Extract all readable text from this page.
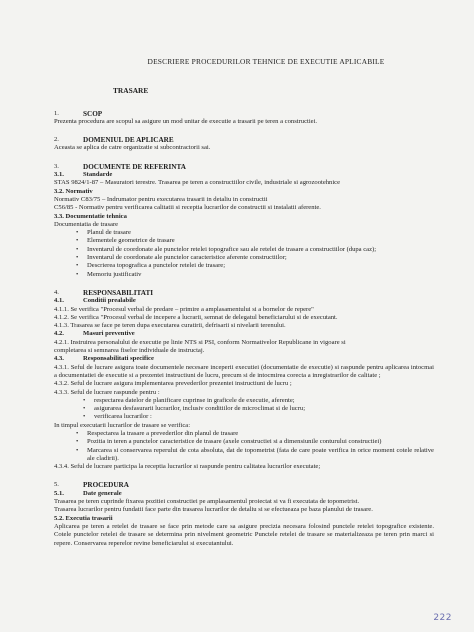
DESCRIERE PROCEDURILOR TEHNICE DE EXECUTIE APLICABILE
TRASARE
1.	SCOP

Prezenta procedura are scopul sa asigure un mod unitar de executie a trasarii pe teren a constructiei.

2.	DOMENIUL DE APLICARE

Aceasta se aplica de catre organizatie si subcontractorii sai.

3.	DOCUMENTE DE REFERINTA
3.1.	Standarde

STAS 9824/1-87 – Masuratori terestre. Trasarea pe teren a constructiilor civile, industriale si agrozootehnice

3.2. Normativ

Normativ C83/75 – Indrumator pentru executarea trasarii in detaliu in constructii

C56/85 - Normativ pentru verificarea calitatii si receptia lucrarilor de constructii si instalatii aferente.

3.3. Documentatie tehnica

Documentatia de trasare

• Planul de trasare
• Elementele geometrice de trasare
• Inventarul de coordonate ale punctelor retelei topografice sau ale retelei de trasare a constructiilor (dupa caz);
• Inventarul de coordonate ale punctelor caracteristice aferente constructiilor;
• Descrierea topografica a punctelor retelei de trasare;
• Memoriu justificativ
4.	RESPONSABILITATI
4.1.	Conditii prealabile

4.1.1. Se verifica "Procesul verbal de predare – primire a amplasamentului si a bornelor de repere"

4.1.2. Se verifica "Procesul verbal de incepere a lucrarii, semnat de delegatul beneficiarului si de executant.

4.1.3. Trasarea se face pe teren dupa executarea curatirii, defrisarii si nivelarii terenului.

4.2.	Masuri preventive

4.2.1. Instruirea personalului de executie pe linie NTS si PSI, conform Normativelor Republicane in vigoare si

completarea si semnarea fiselor individuale de instructaj.

4.3.	Responsabilitati specifice

4.3.1. Seful de lucrare asigura toate documentele necesare inceperii executiei (documentatie de executie) si raspunde pentru aplicarea intocmai a documentatiei de executie si a prezentei instructiuni de lucru, precum si de intocmirea corecta a inregistrarilor de calitate ;

4.3.2. Seful de lucrare asigura implementarea prevederilor prezentei instructiuni de lucru ;

4.3.3. Seful de lucrare raspunde pentru :

• respectarea datelor de planificare cuprinse in graficele de executie, aferente;
• asigurarea desfasurarii lucrarilor, inclusiv conditiilor de microclimat si de lucru;
• verificarea lucrarilor :

In timpul executarii lucrarilor de trasare se verifica:

• Respectarea la trasare a prevederilor din planul de trasare
• Pozitia in teren a punctelor caracteristice de trasare (axele constructiei si a dimensiunile conturului constructiei)
• Marcarea si conservarea reperului de cota absoluta, dat de topometrist (fata de care poate verifica in orice moment cotele relative ale cladirii).

4.3.4. Seful de lucrare participa la receptia lucrarilor si raspunde pentru calitatea lucrarilor executate;

5.	PROCEDURA
5.1.	Date generale

Trasarea pe teren cuprinde fixarea pozitiei constructiei pe amplasamentul proiectat si va fi executata de topometrist.

Trasarea lucrarilor pentru fundatii face parte din trasarea lucrarilor de detaliu si se efectueaza pe baza planului de trasare.

5.2. Executia trasarii

Aplicarea pe teren a retelei de trasare se face prin metode care sa asigure precizia necesara folosind punctele retelei topografice existente. Cotele punctelor retelei de trasare se determina prin nivelment geometric Punctele retelei de trasare se materializeaza pe teren prin marci si repere. Conservarea reperelor revine beneficiarului si executantului.

222
